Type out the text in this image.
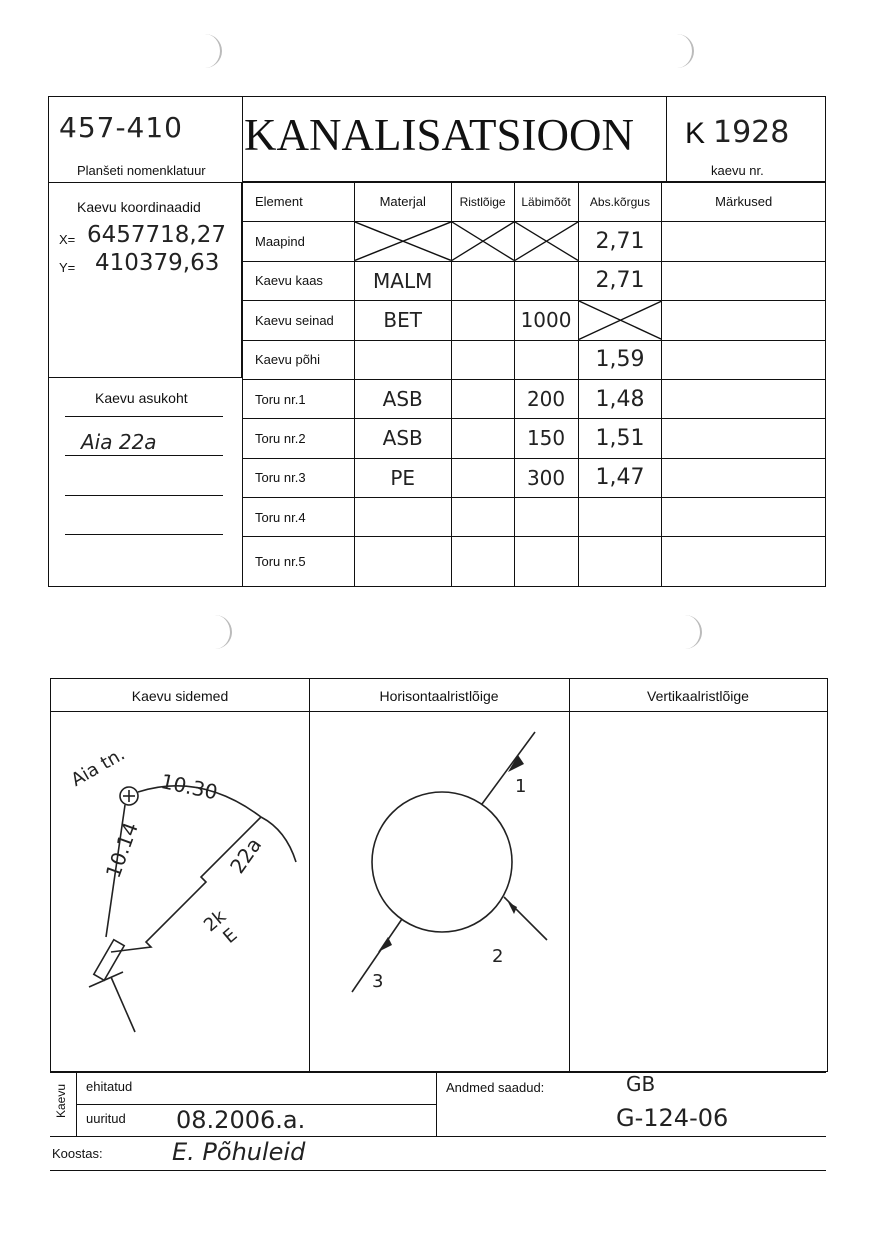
457-410
Planšeti nomenklatuur
KANALISATSIOON K 1928
kaevu nr.
Kaevu koordinaadid
X= 6457718,27
Y= 410379,63
Kaevu asukoht
Aia 22a
Element	Materjal	Ristlõige	Läbimõõt	Abs.kõrgus	Märkused
Maapind				2,71	
Kaevu kaas	MALM			2,71	
Kaevu seinad	BET		1000	

Kaevu põhi				1,59	
Toru nr.1	ASB		200	1,48	
Toru nr.2	ASB		150	1,51	
Toru nr.3	PE		300	1,47	
Toru nr.4					
Toru nr.5					
Kaevu sidemed	Horisontaalristlõige	Vertikaalristlõige
Aia tn. 10.30
10.14	22a
2k
E
1
2
3
Kaevu ehitatud
uuritud 08.2006.a.
Andmed saadud:	GB
G-124-06
Koostas:	E. Põhuleid
